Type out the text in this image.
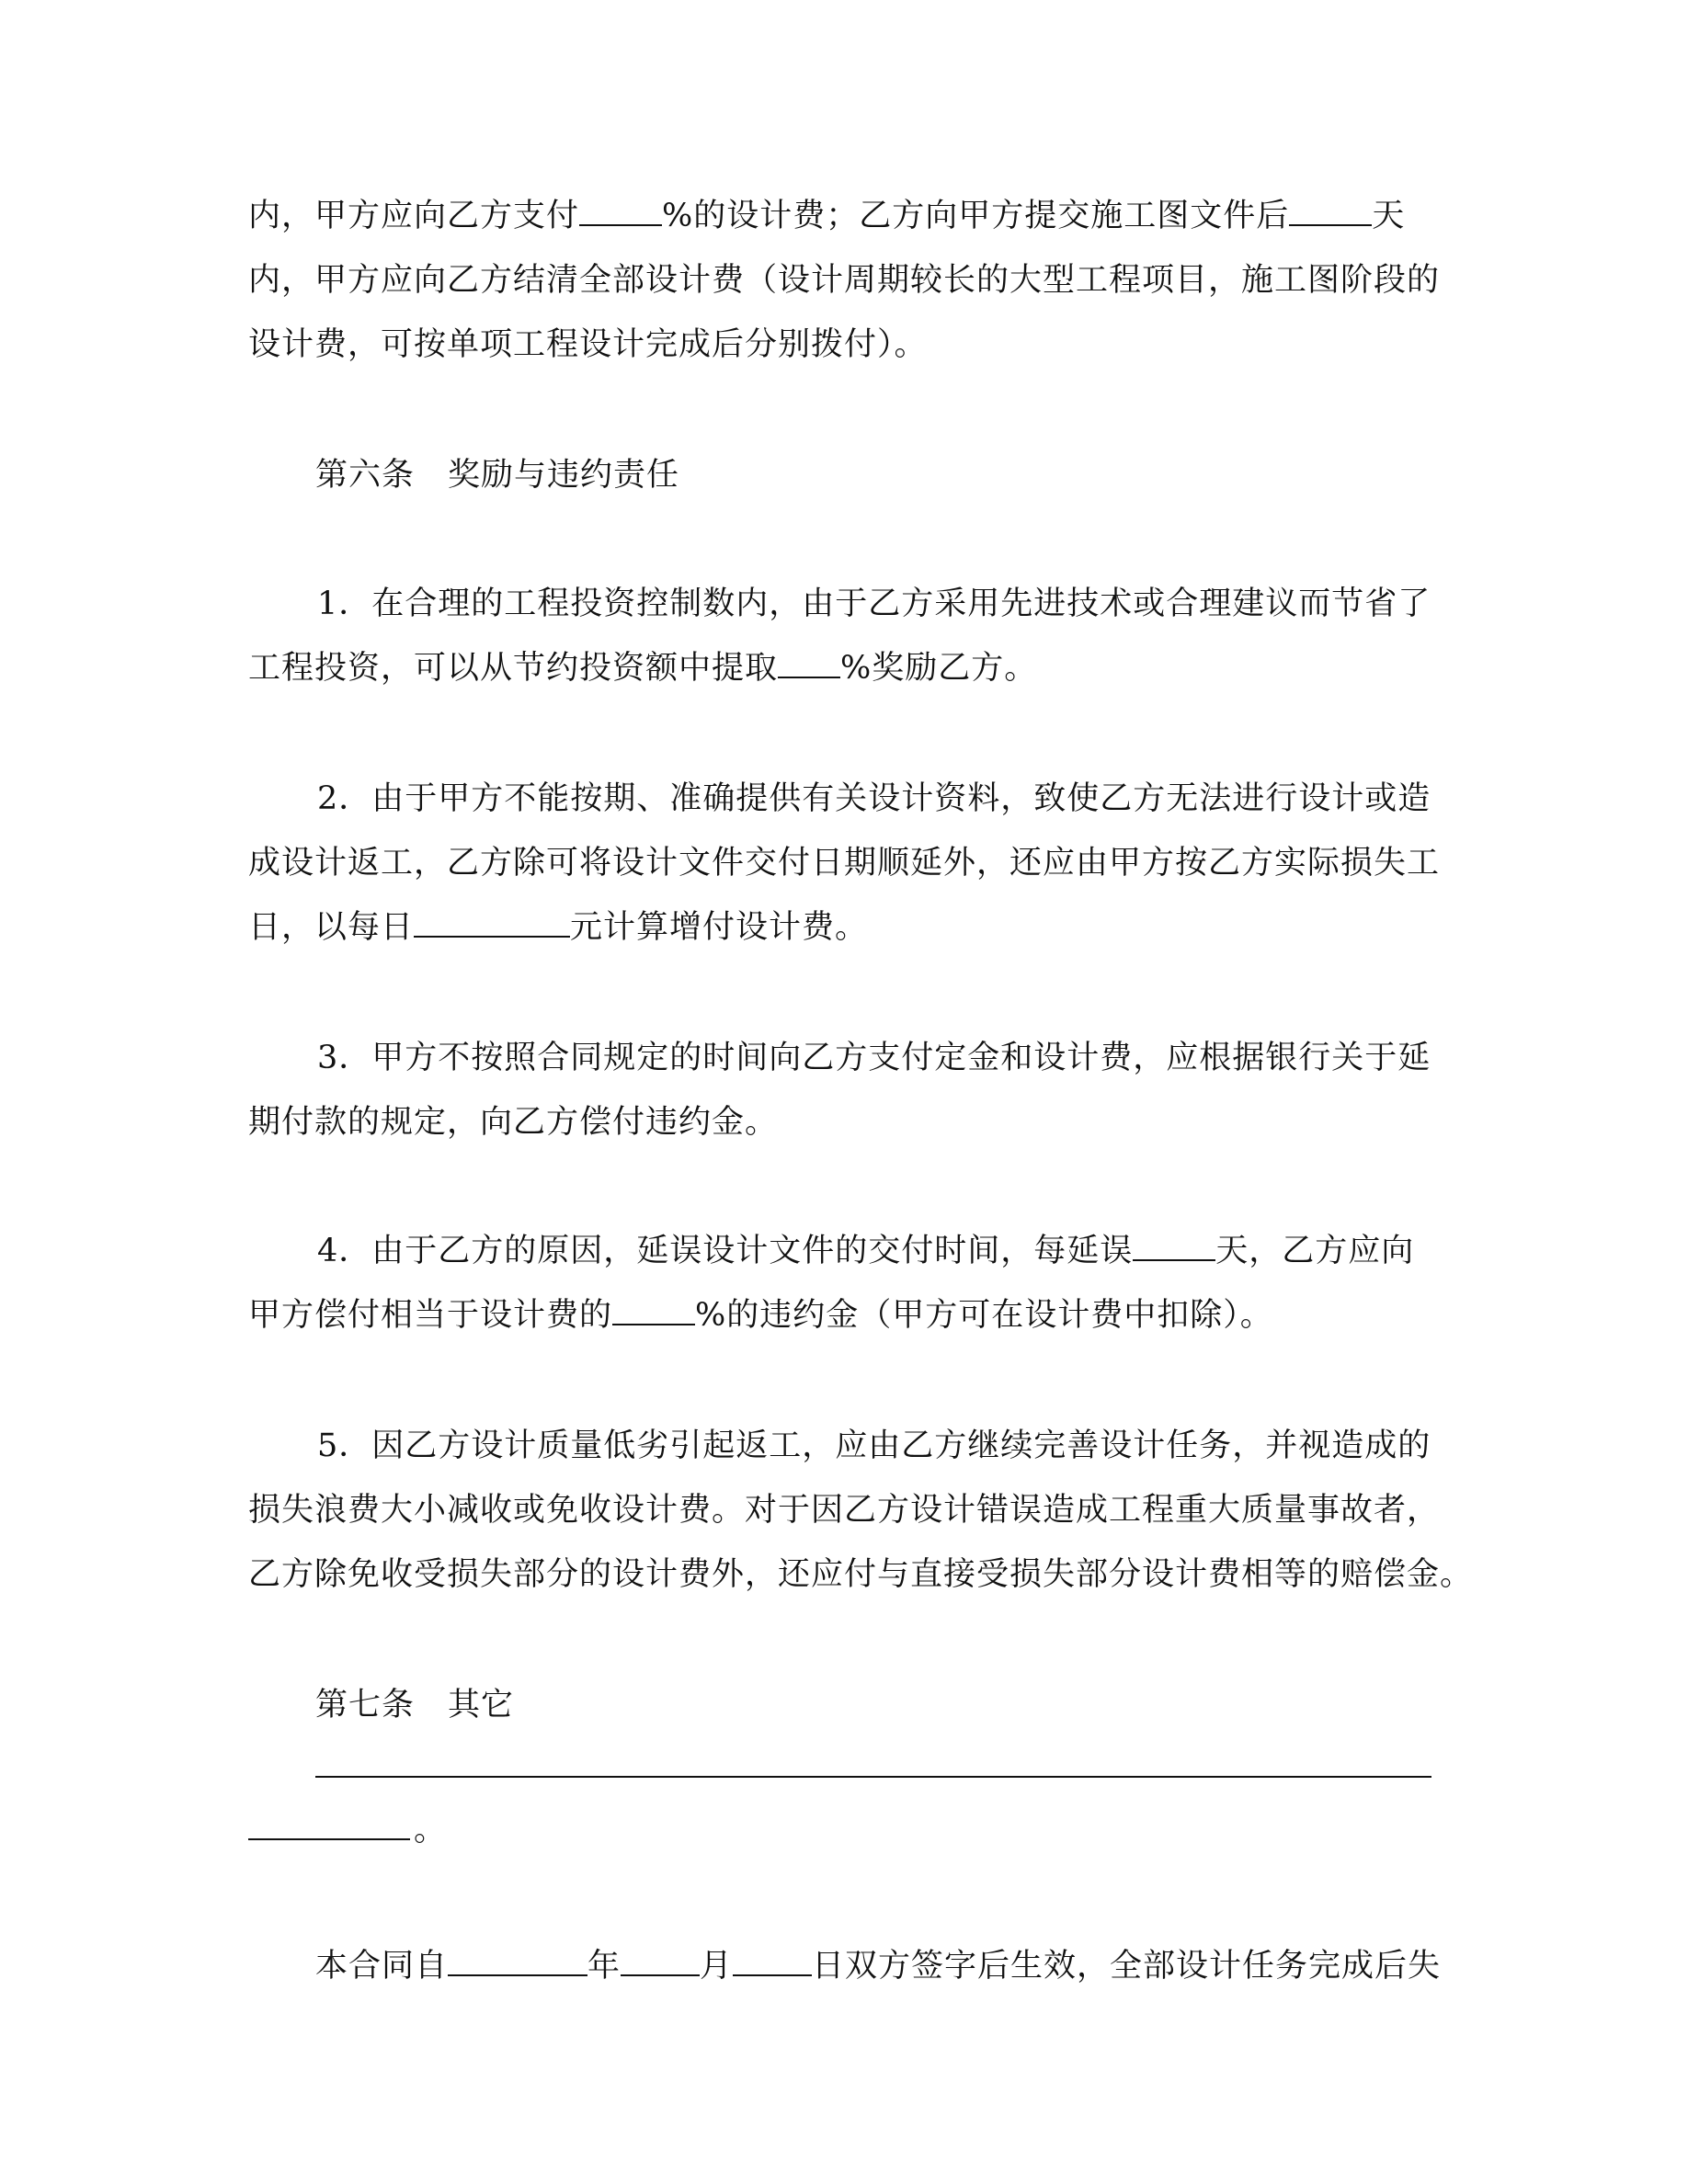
内，甲方应向乙方支付	%的设计费；乙方向甲方提交施工图文件后	天
内，甲方应向乙方结清全部设计费（设计周期较长的大型工程项目，施工图阶段的
设计费，可按单项工程设计完成后分别拨付）。
第六条　奖励与违约责任
1．在合理的工程投资控制数内，由于乙方采用先进技术或合理建议而节省了
工程投资，可以从节约投资额中提取 %奖励乙方。
2．由于甲方不能按期、准确提供有关设计资料，致使乙方无法进行设计或造
成设计返工，乙方除可将设计文件交付日期顺延外，还应由甲方按乙方实际损失工
日，以每日	元计算增付设计费。
3．甲方不按照合同规定的时间向乙方支付定金和设计费，应根据银行关于延
期付款的规定，向乙方偿付违约金。
4．由于乙方的原因，延误设计文件的交付时间，每延误	天，乙方应向
甲方偿付相当于设计费的	%的违约金（甲方可在设计费中扣除）。
5．因乙方设计质量低劣引起返工，应由乙方继续完善设计任务，并视造成的
损失浪费大小减收或免收设计费。对于因乙方设计错误造成工程重大质量事故者，
乙方除免收受损失部分的设计费外，还应付与直接受损失部分设计费相等的赔偿金。
第七条　其它
。
本合同自	年 月 日双方签字后生效，全部设计任务完成后失
